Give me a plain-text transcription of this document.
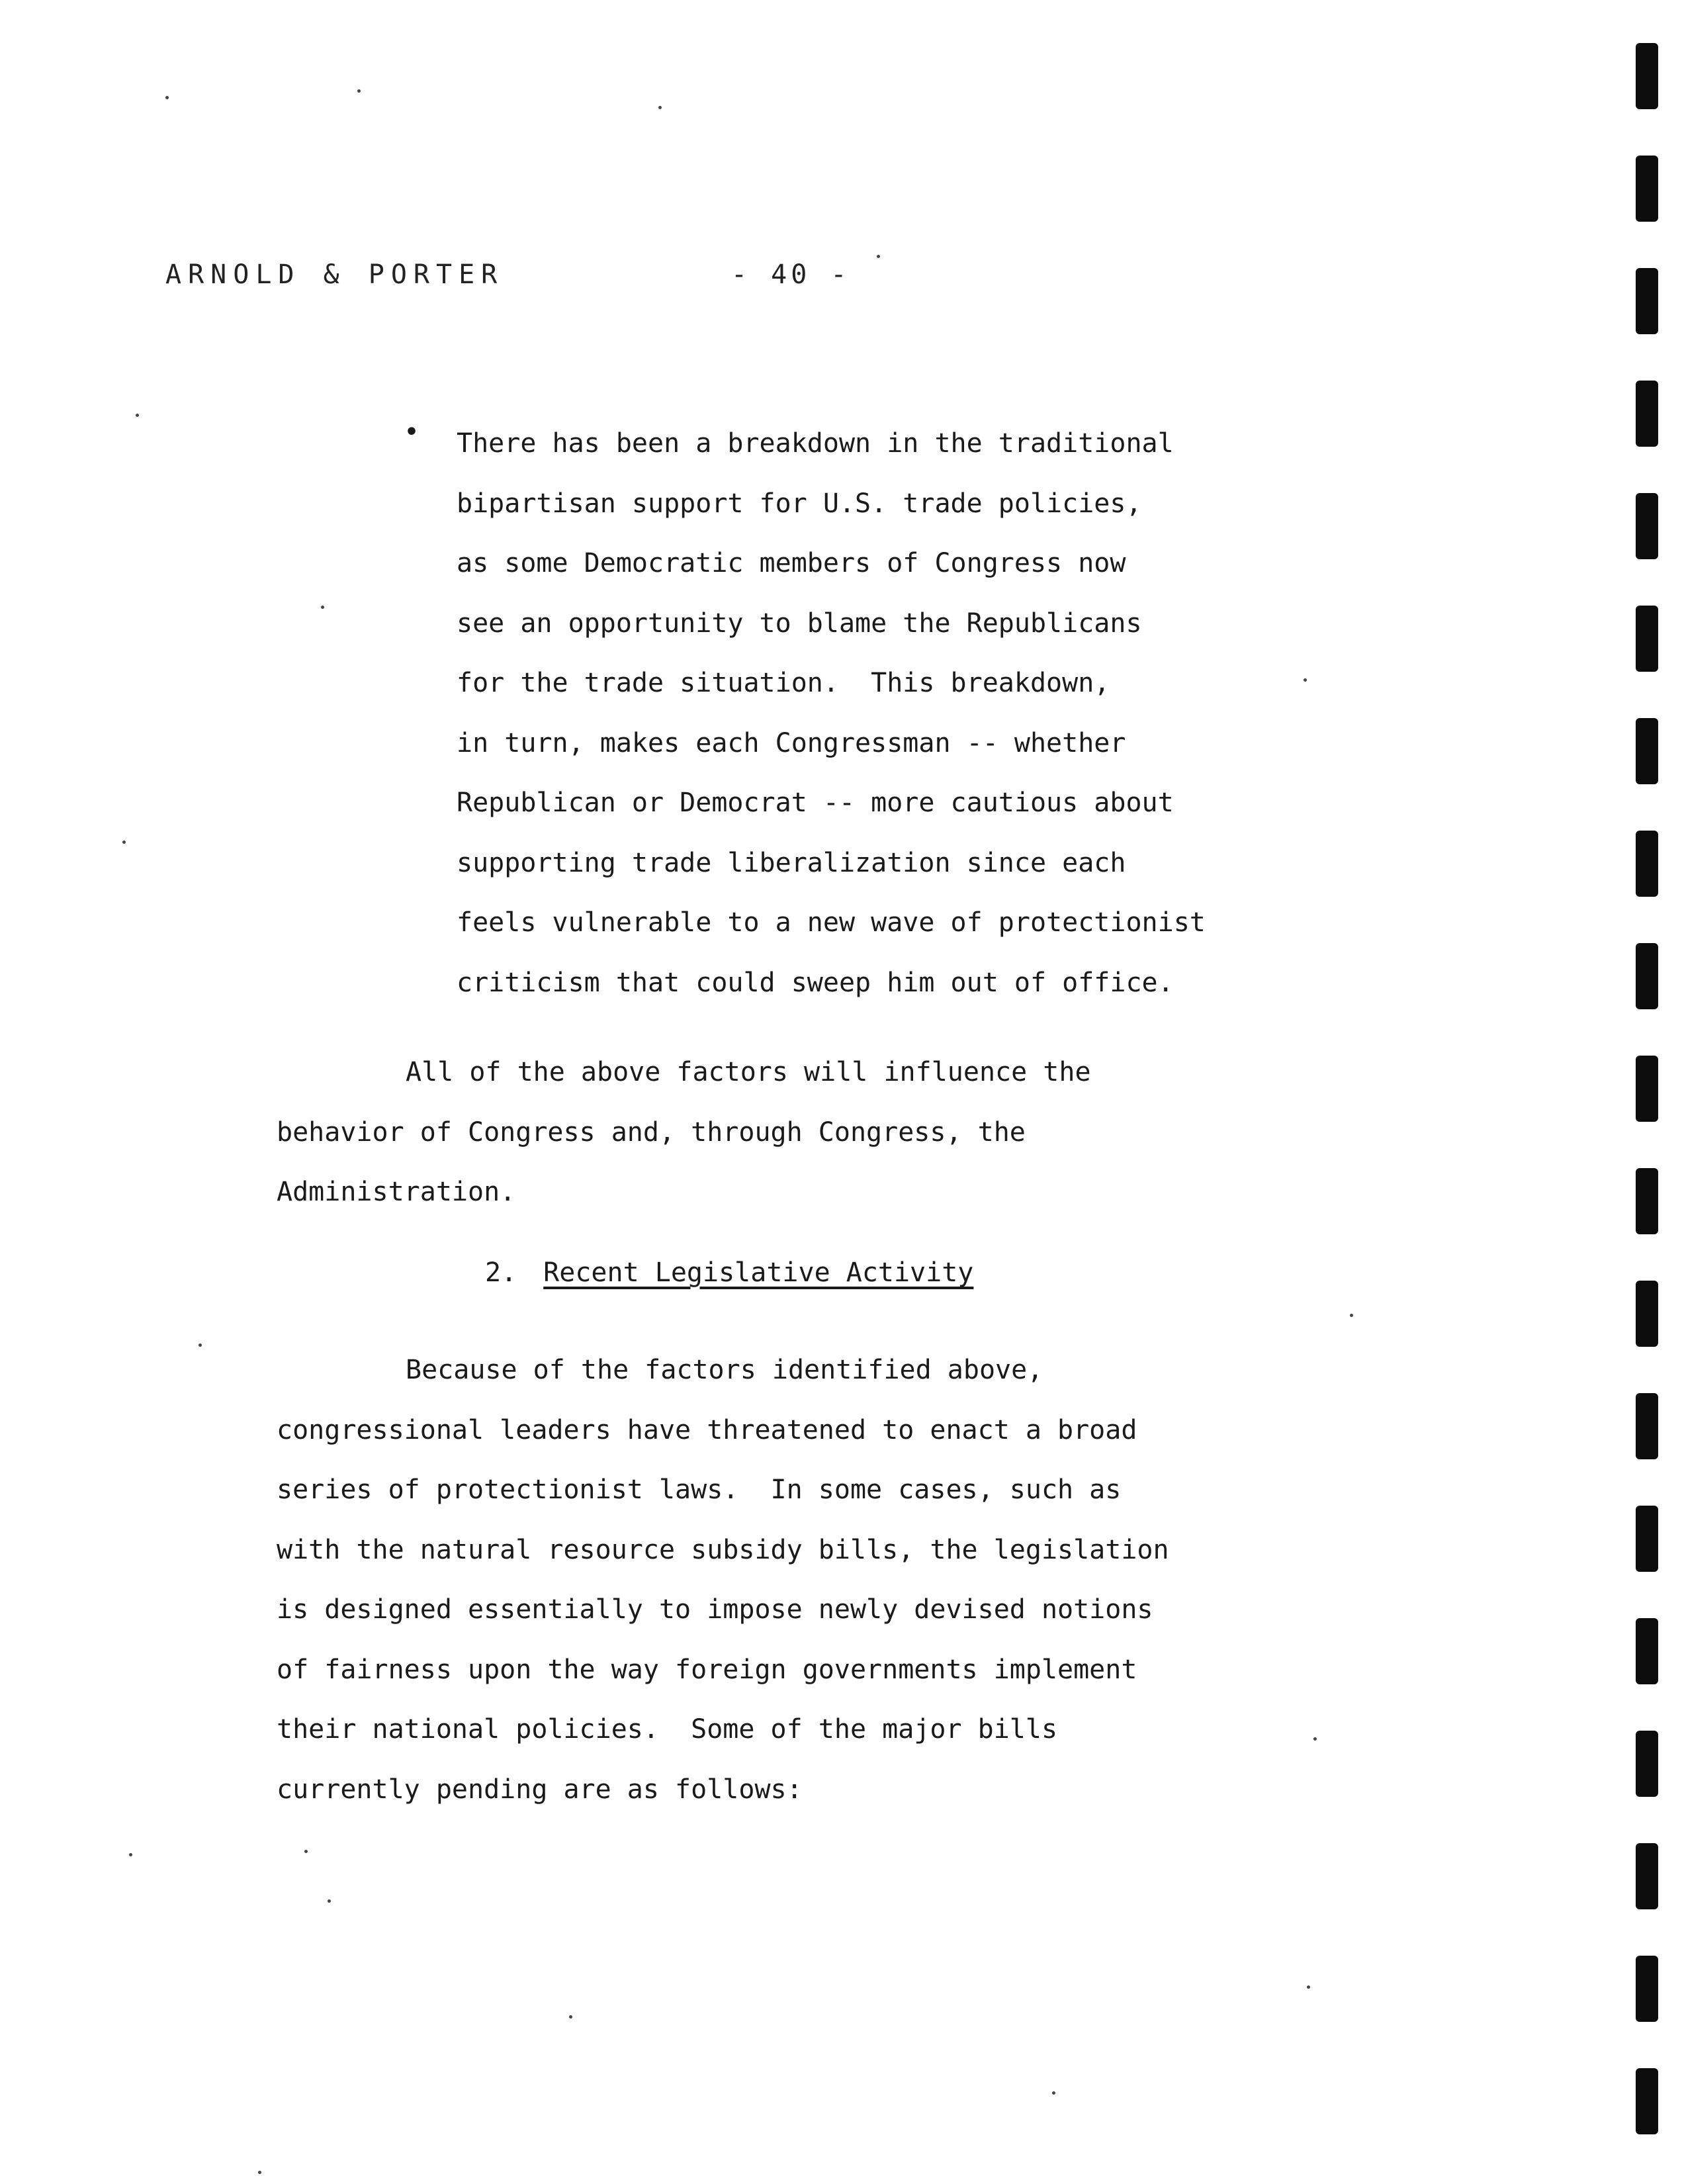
ARNOLD & PORTER	- 40 -
• There has been a breakdown in the traditional

bipartisan support for U.S. trade policies,

as some Democratic members of Congress now

see an opportunity to blame the Republicans

for the trade situation.  This breakdown,

in turn, makes each Congressman -- whether

Republican or Democrat -- more cautious about

supporting trade liberalization since each

feels vulnerable to a new wave of protectionist

criticism that could sweep him out of office.

All of the above factors will influence the

behavior of Congress and, through Congress, the

Administration.

2. Recent Legislative Activity

Because of the factors identified above,

congressional leaders have threatened to enact a broad

series of protectionist laws.  In some cases, such as

with the natural resource subsidy bills, the legislation

is designed essentially to impose newly devised notions

of fairness upon the way foreign governments implement

their national policies.  Some of the major bills

currently pending are as follows:
